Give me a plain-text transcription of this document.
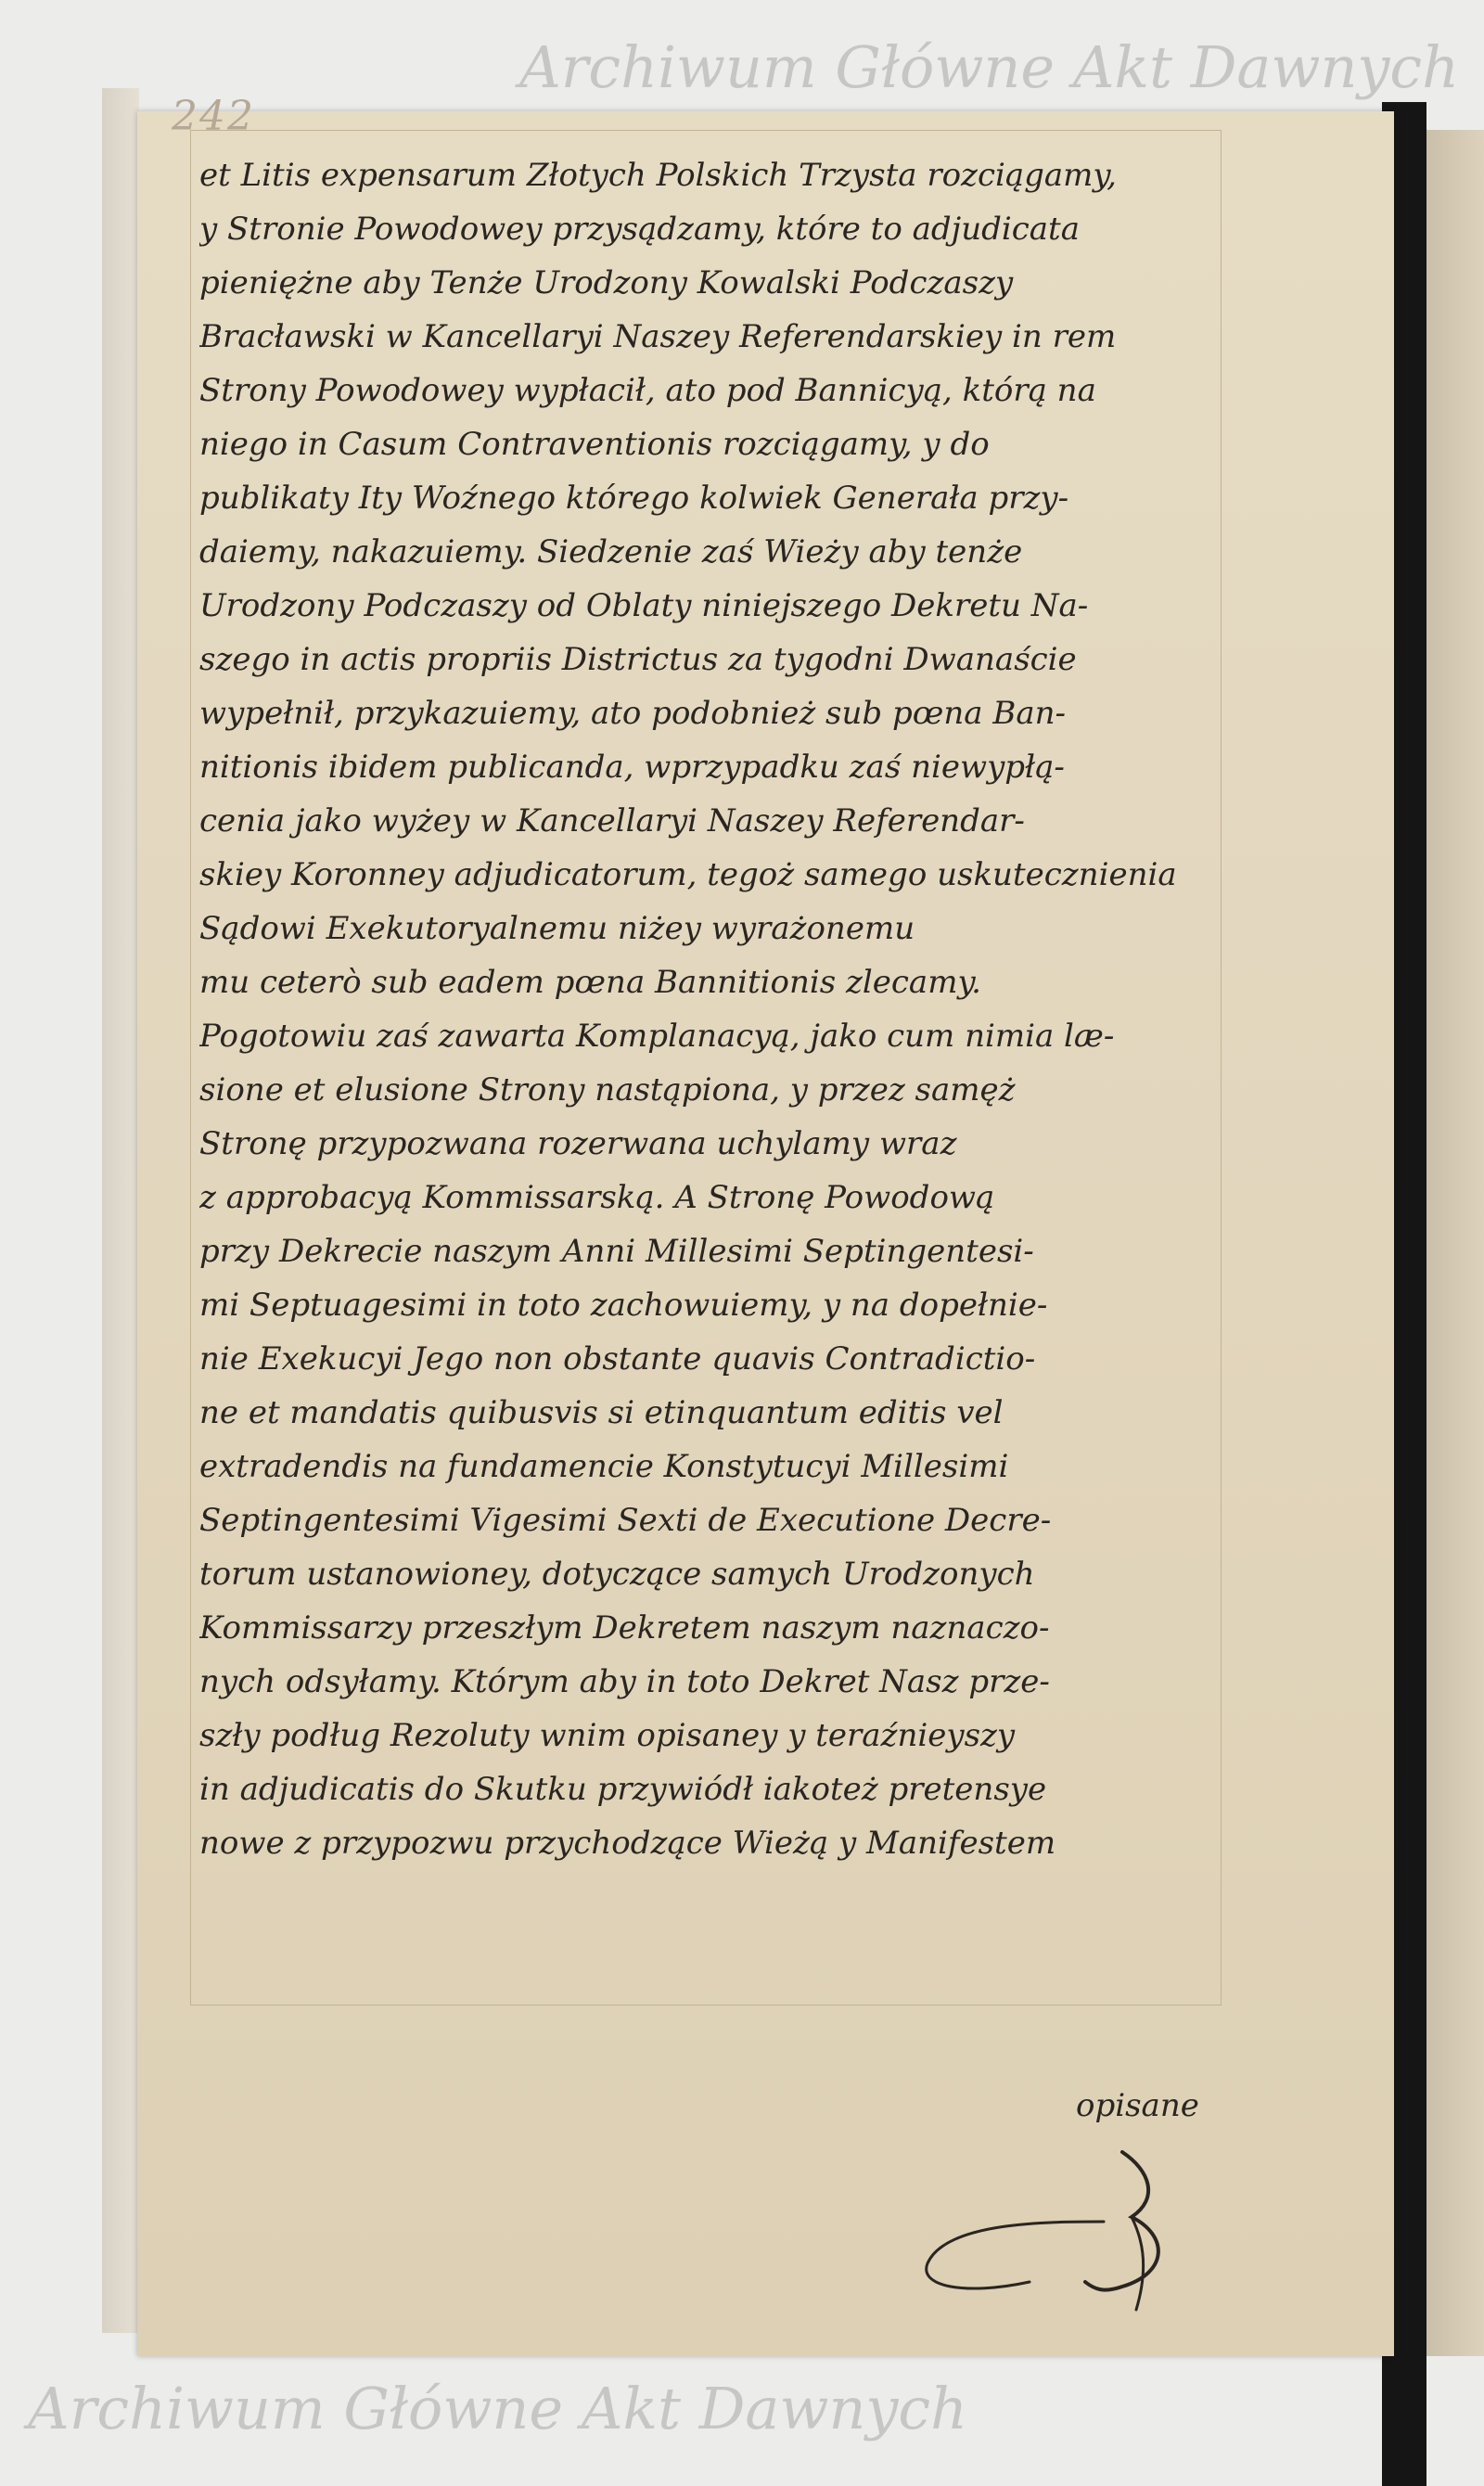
Archiwum Główne Akt Dawnych
242
et Litis expensarum Złotych Polskich Trzysta rozciągamy,
y Stronie Powodowey przysądzamy, które to adjudicata
pieniężne aby Tenże Urodzony Kowalski Podczaszy
Bracławski w Kancellaryi Naszey Referendarskiey in rem
Strony Powodowey wypłacił, ato pod Bannicyą, którą na
niego in Casum Contraventionis rozciągamy, y do
publikaty Ity Woźnego którego kolwiek Generała przy-
daiemy, nakazuiemy. Siedzenie zaś Wieży aby tenże
Urodzony Podczaszy od Oblaty niniejszego Dekretu Na-
szego in actis propriis Districtus za tygodni Dwanaście
wypełnił, przykazuiemy, ato podobnież sub pœna Ban-
nitionis ibidem publicanda, wprzypadku zaś niewypłą-
cenia jako wyżey w Kancellaryi Naszey Referendar-
skiey Koronney adjudicatorum, tegoż samego uskutecznienia
Sądowi Exekutoryalnemu niżey wyrażonemu
mu ceterò sub eadem pœna Bannitionis zlecamy.
Pogotowiu zaś zawarta Komplanacyą, jako cum nimia læ-
sione et elusione Strony nastąpiona, y przez samęż
Stronę przypozwana rozerwana uchylamy wraz
z approbacyą Kommissarską. A Stronę Powodową
przy Dekrecie naszym Anni Millesimi Septingentesi-
mi Septuagesimi in toto zachowuiemy, y na dopełnie-
nie Exekucyi Jego non obstante quavis Contradictio-
ne et mandatis quibusvis si etinquantum editis vel
extradendis na fundamencie Konstytucyi Millesimi
Septingentesimi Vigesimi Sexti de Executione Decre-
torum ustanowioney, dotyczące samych Urodzonych
Kommissarzy przeszłym Dekretem naszym naznaczo-
nych odsyłamy. Którym aby in toto Dekret Nasz prze-
szły podług Rezoluty wnim opisaney y teraźnieyszy
in adjudicatis do Skutku przywiódł iakoteż pretensye
nowe z przypozwu przychodzące Wieżą y Manifestem
opisane
Archiwum Główne Akt Dawnych
